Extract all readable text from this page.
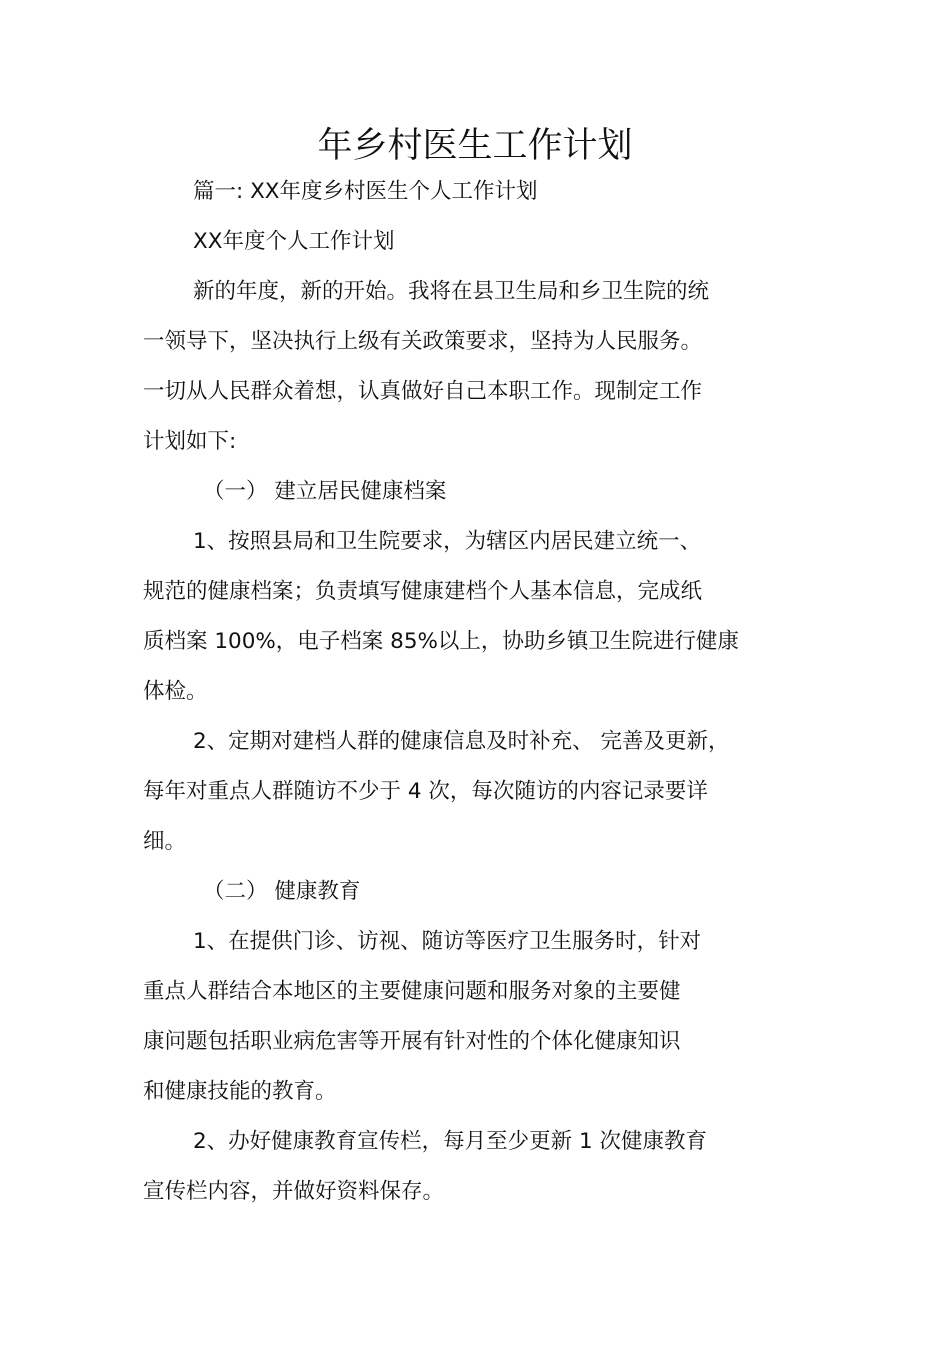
年乡村医生工作计划
篇一: XX年度乡村医生个人工作计划
XX年度个人工作计划
新的年度，新的开始。我将在县卫生局和乡卫生院的统
一领导下，坚决执行上级有关政策要求，坚持为人民服务。
一切从人民群众着想，认真做好自己本职工作。现制定工作
计划如下:
（一） 建立居民健康档案
1、按照县局和卫生院要求，为辖区内居民建立统一、
规范的健康档案；负责填写健康建档个人基本信息，完成纸
质档案 100%，电子档案 85%以上，协助乡镇卫生院进行健康
体检。
2、定期对建档人群的健康信息及时补充、 完善及更新，
每年对重点人群随访不少于 4 次，每次随访的内容记录要详
细。
（二） 健康教育
1、在提供门诊、访视、随访等医疗卫生服务时，针对
重点人群结合本地区的主要健康问题和服务对象的主要健
康问题包括职业病危害等开展有针对性的个体化健康知识
和健康技能的教育。
2、办好健康教育宣传栏，每月至少更新 1 次健康教育
宣传栏内容，并做好资料保存。
